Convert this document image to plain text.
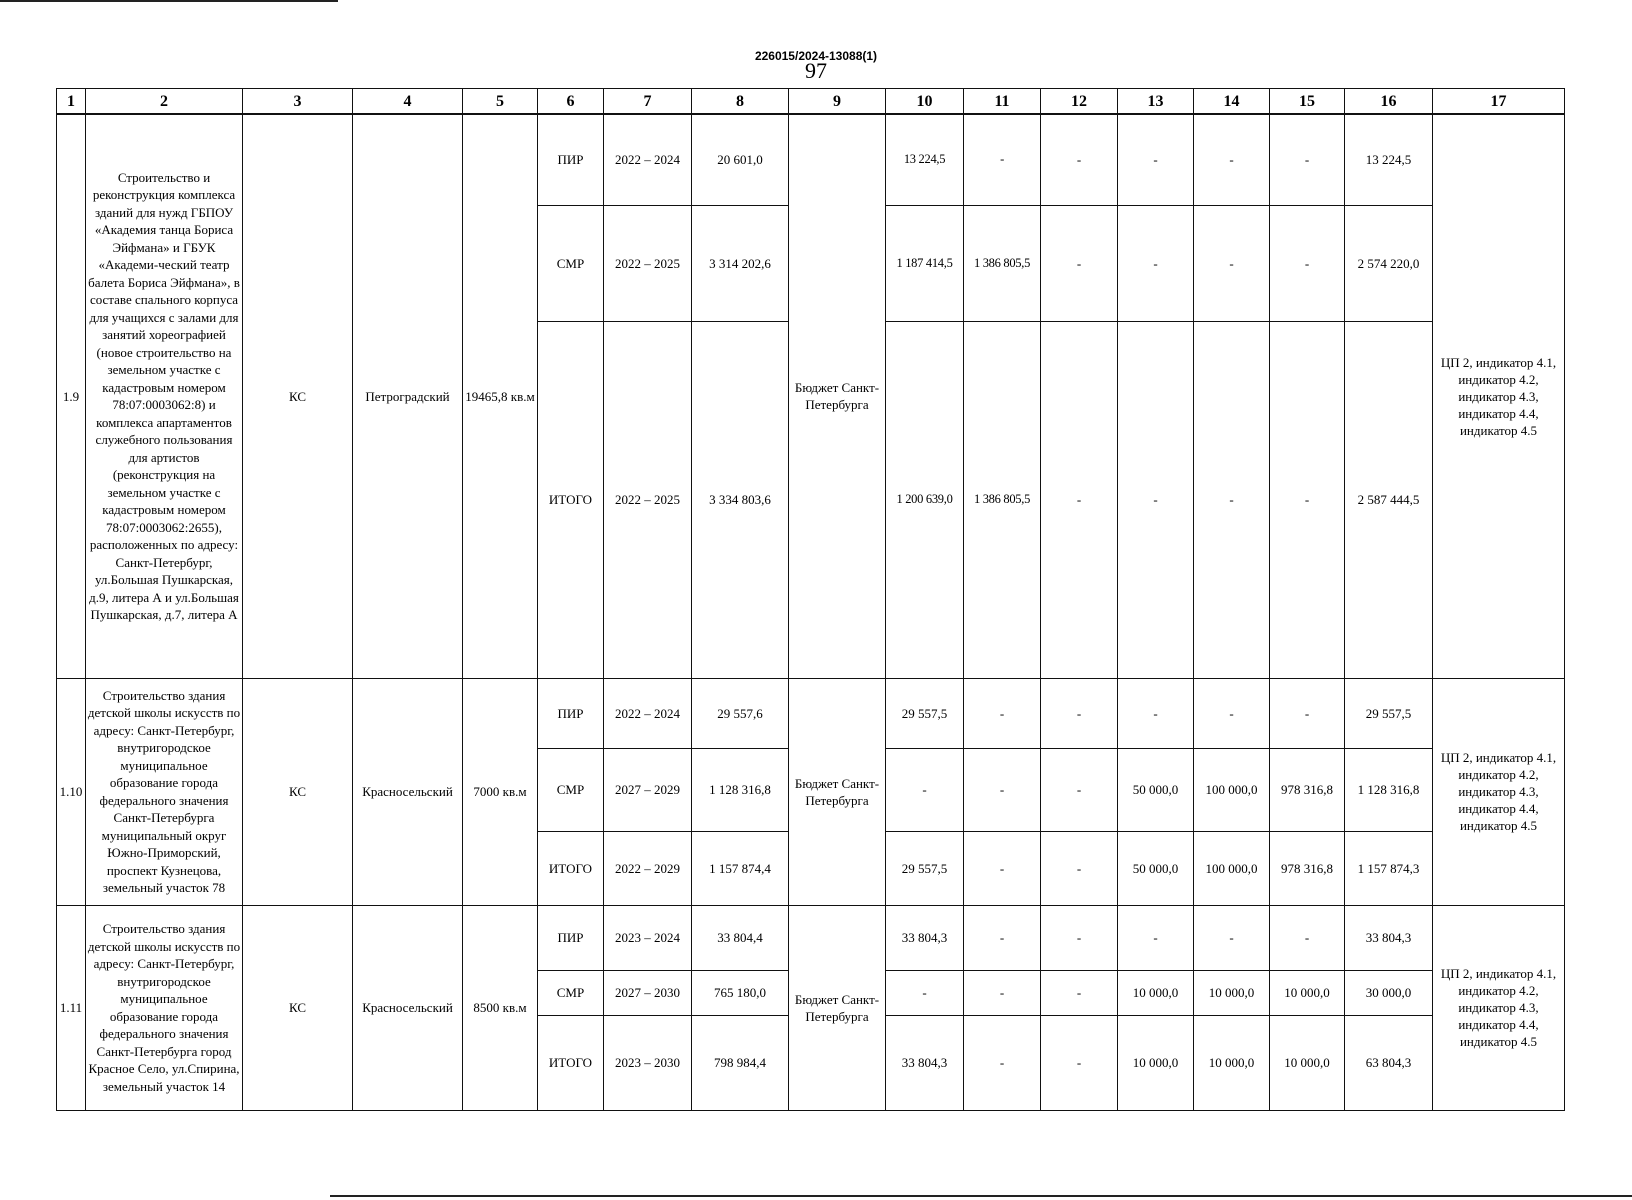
226015/2024-13088(1)
97
1	2	3	4	5	6	7	8	9	10	11	12	13	14	15	16	17
1.9	Строительство и реконструкция комплекса зданий для нужд ГБПОУ «Академия танца Бориса Эйфмана» и ГБУК «Академи-ческий театр балета Бориса Эйфмана», в составе спального корпуса для учащихся с залами для занятий хореографией (новое строительство на земельном участке с кадастровым номером 78:07:0003062:8) и комплекса апартаментов служебного пользования для артистов (реконструкция на земельном участке с кадастровым номером 78:07:0003062:2655), расположенных по адресу: Санкт-Петербург, ул.Большая Пушкарская, д.9, литера А и ул.Большая Пушкарская, д.7, литера А	КС	Петроградский	19465,8 кв.м	ПИР	2022 – 2024	20 601,0	Бюджет Санкт-Петербурга	13 224,5	-	-	-	-	-	13 224,5	ЦП 2, индикатор 4.1, индикатор 4.2, индикатор 4.3, индикатор 4.4, индикатор 4.5
					СМР	2022 – 2025	3 314 202,6		1 187 414,5	1 386 805,5	-	-	-	-	2 574 220,0	
					ИТОГО	2022 – 2025	3 334 803,6		1 200 639,0	1 386 805,5	-	-	-	-	2 587 444,5	
1.10	Строительство здания детской школы искусств по адресу: Санкт-Петербург, внутригородское муниципальное образование города федерального значения Санкт-Петербурга муниципальный округ Южно-Приморский, проспект Кузнецова, земельный участок 78	КС	Красносельский	7000 кв.м	ПИР	2022 – 2024	29 557,6	Бюджет Санкт-Петербурга	29 557,5	-	-	-	-	-	29 557,5	ЦП 2, индикатор 4.1, индикатор 4.2, индикатор 4.3, индикатор 4.4, индикатор 4.5
					СМР	2027 – 2029	1 128 316,8		-	-	-	50 000,0	100 000,0	978 316,8	1 128 316,8	
					ИТОГО	2022 – 2029	1 157 874,4		29 557,5	-	-	50 000,0	100 000,0	978 316,8	1 157 874,3	
1.11	Строительство здания детской школы искусств по адресу: Санкт-Петербург, внутригородское муниципальное образование города федерального значения Санкт-Петербурга город Красное Село, ул.Спирина, земельный участок 14	КС	Красносельский	8500 кв.м	ПИР	2023 – 2024	33 804,4	Бюджет Санкт-Петербурга	33 804,3	-	-	-	-	-	33 804,3	ЦП 2, индикатор 4.1, индикатор 4.2, индикатор 4.3, индикатор 4.4, индикатор 4.5
					СМР	2027 – 2030	765 180,0		-	-	-	10 000,0	10 000,0	10 000,0	30 000,0	
					ИТОГО	2023 – 2030	798 984,4		33 804,3	-	-	10 000,0	10 000,0	10 000,0	63 804,3	
